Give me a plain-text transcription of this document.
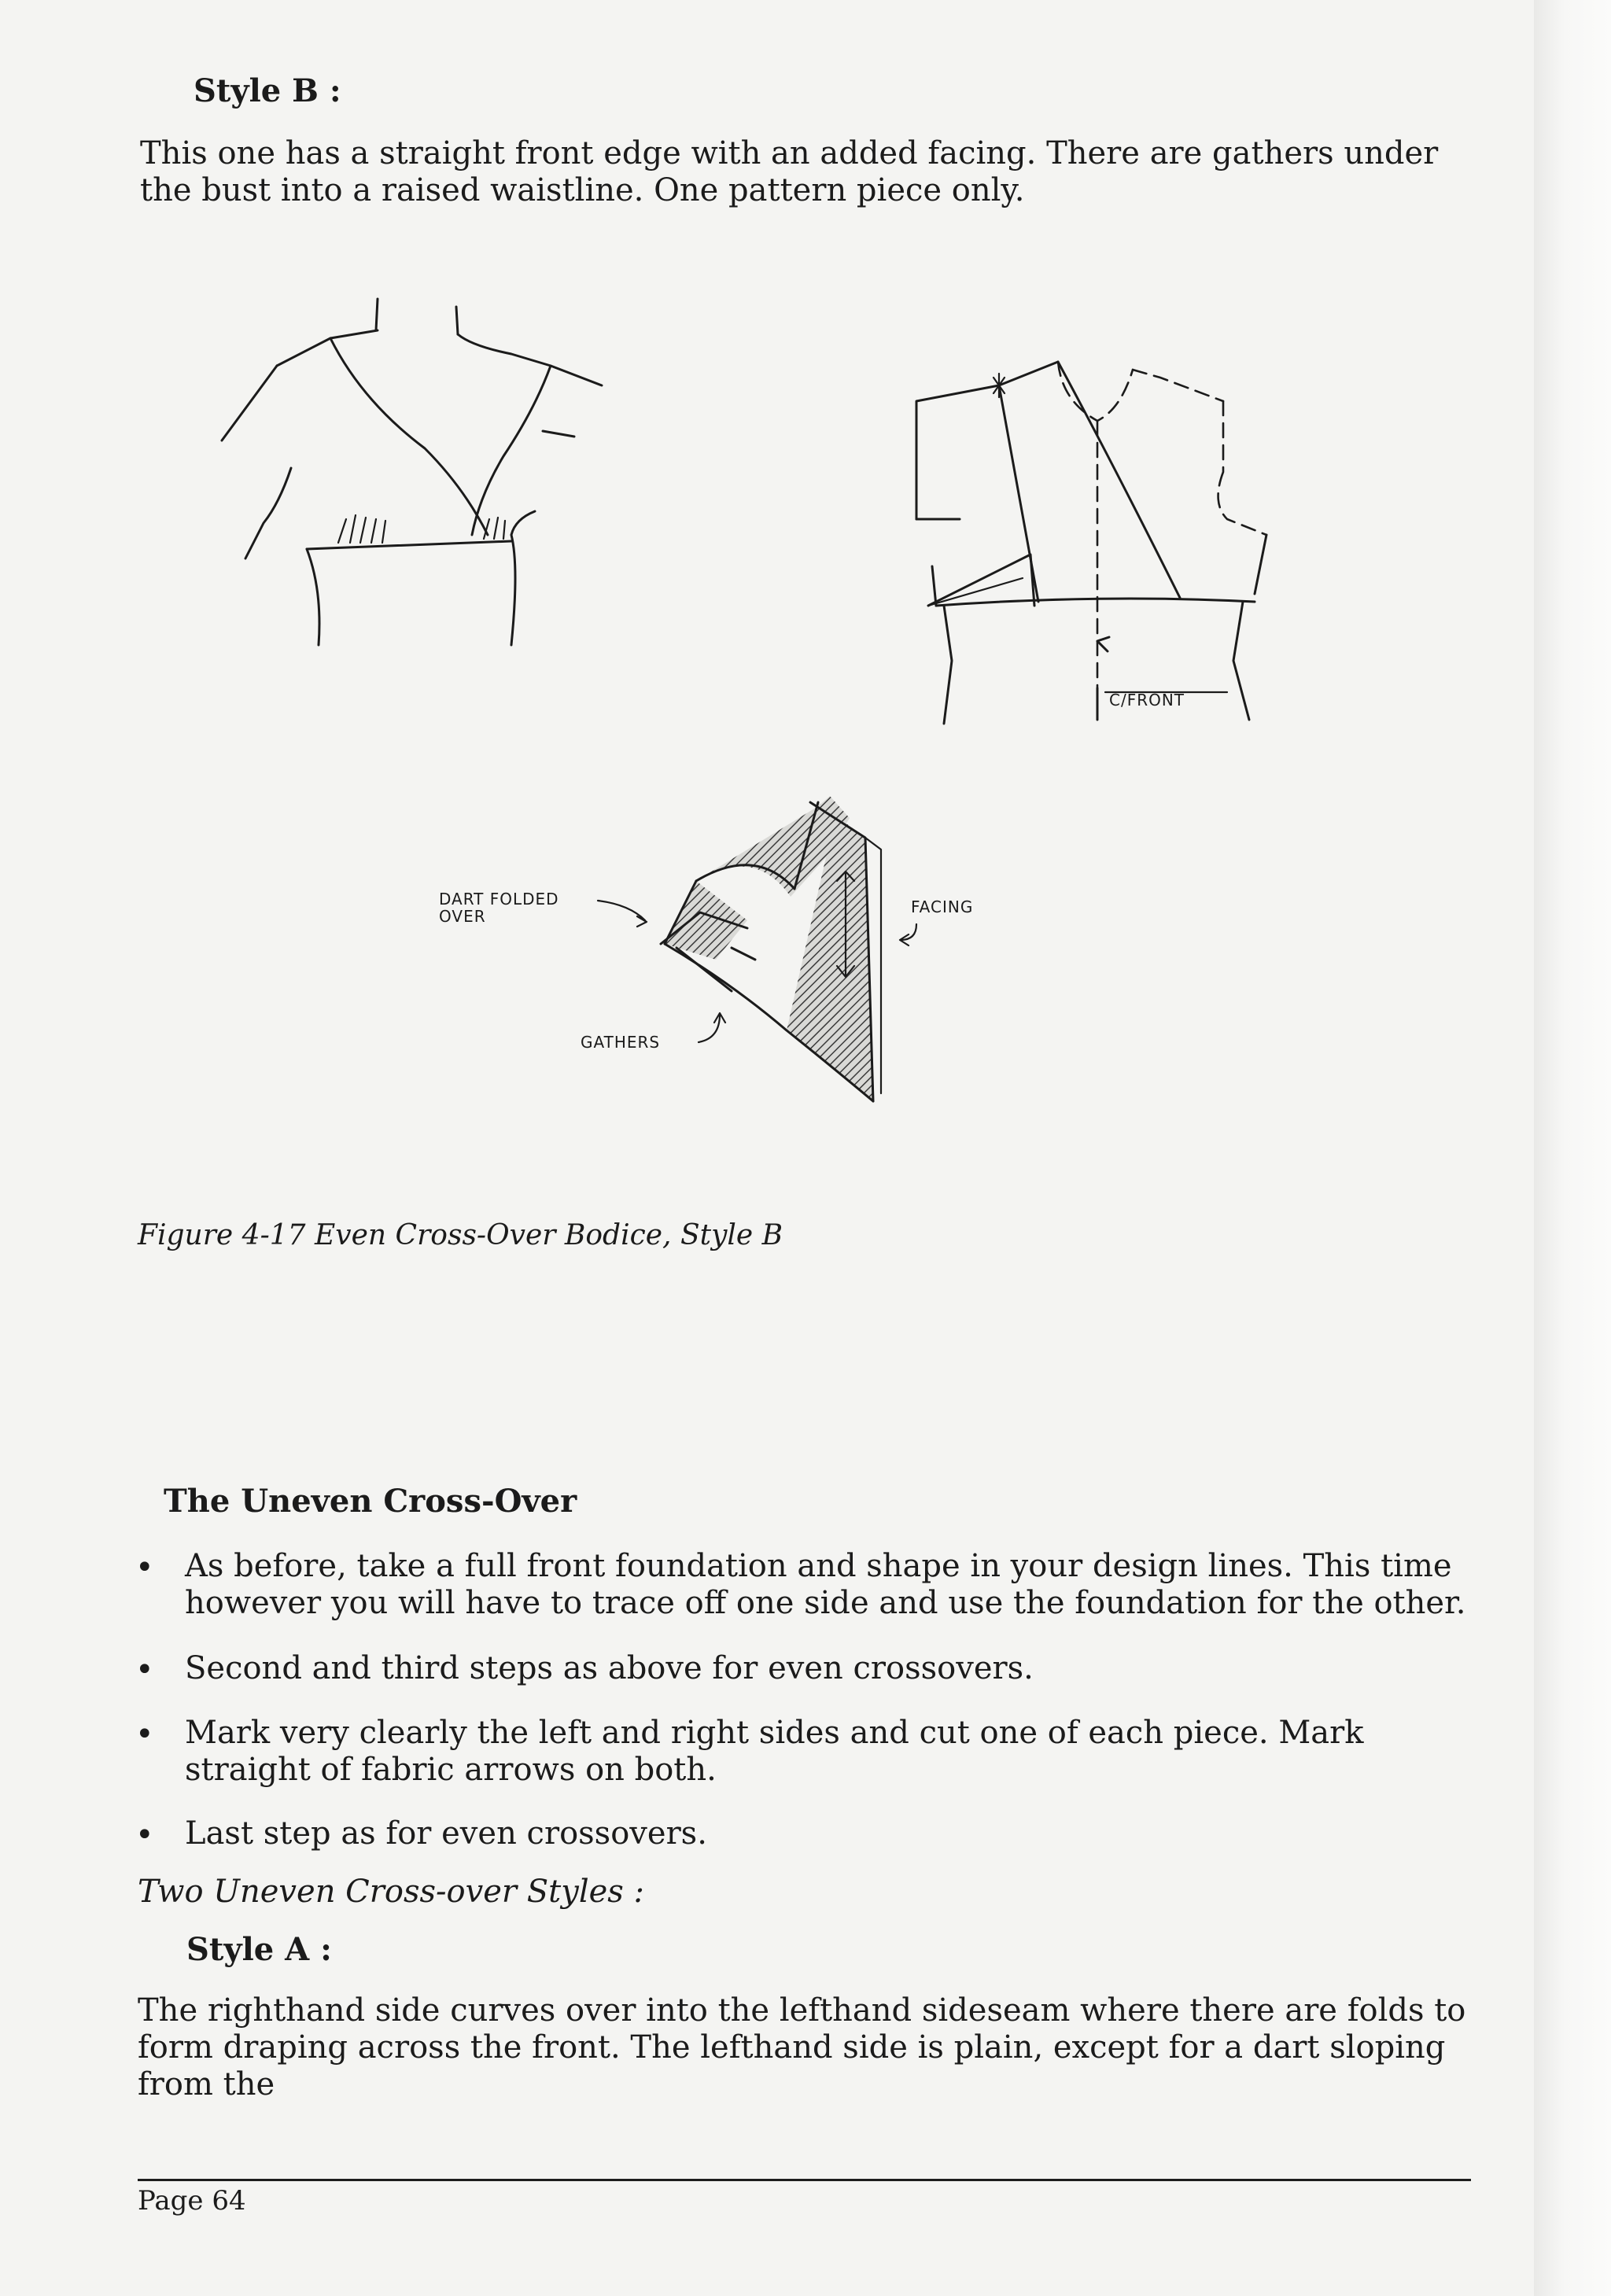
Style B :
This one has a straight front edge with an added facing. There are gathers under the bust into a raised waistline. One pattern piece only.
C/FRONT
DART FOLDED
OVER	FACING
GATHERS
Figure 4-17 Even Cross-Over Bodice, Style B
The Uneven Cross-Over
• As before, take a full front foundation and shape in your design lines. This time however you will have to trace off one side and use the foundation for the other.
• Second and third steps as above for even crossovers.
• Mark very clearly the left and right sides and cut one of each piece. Mark straight of fabric arrows on both.
• Last step as for even crossovers.
Two Uneven Cross-over Styles :
Style A :
The righthand side curves over into the lefthand sideseam where there are folds to form draping across the front. The lefthand side is plain, except for a dart sloping from the
Page 64
